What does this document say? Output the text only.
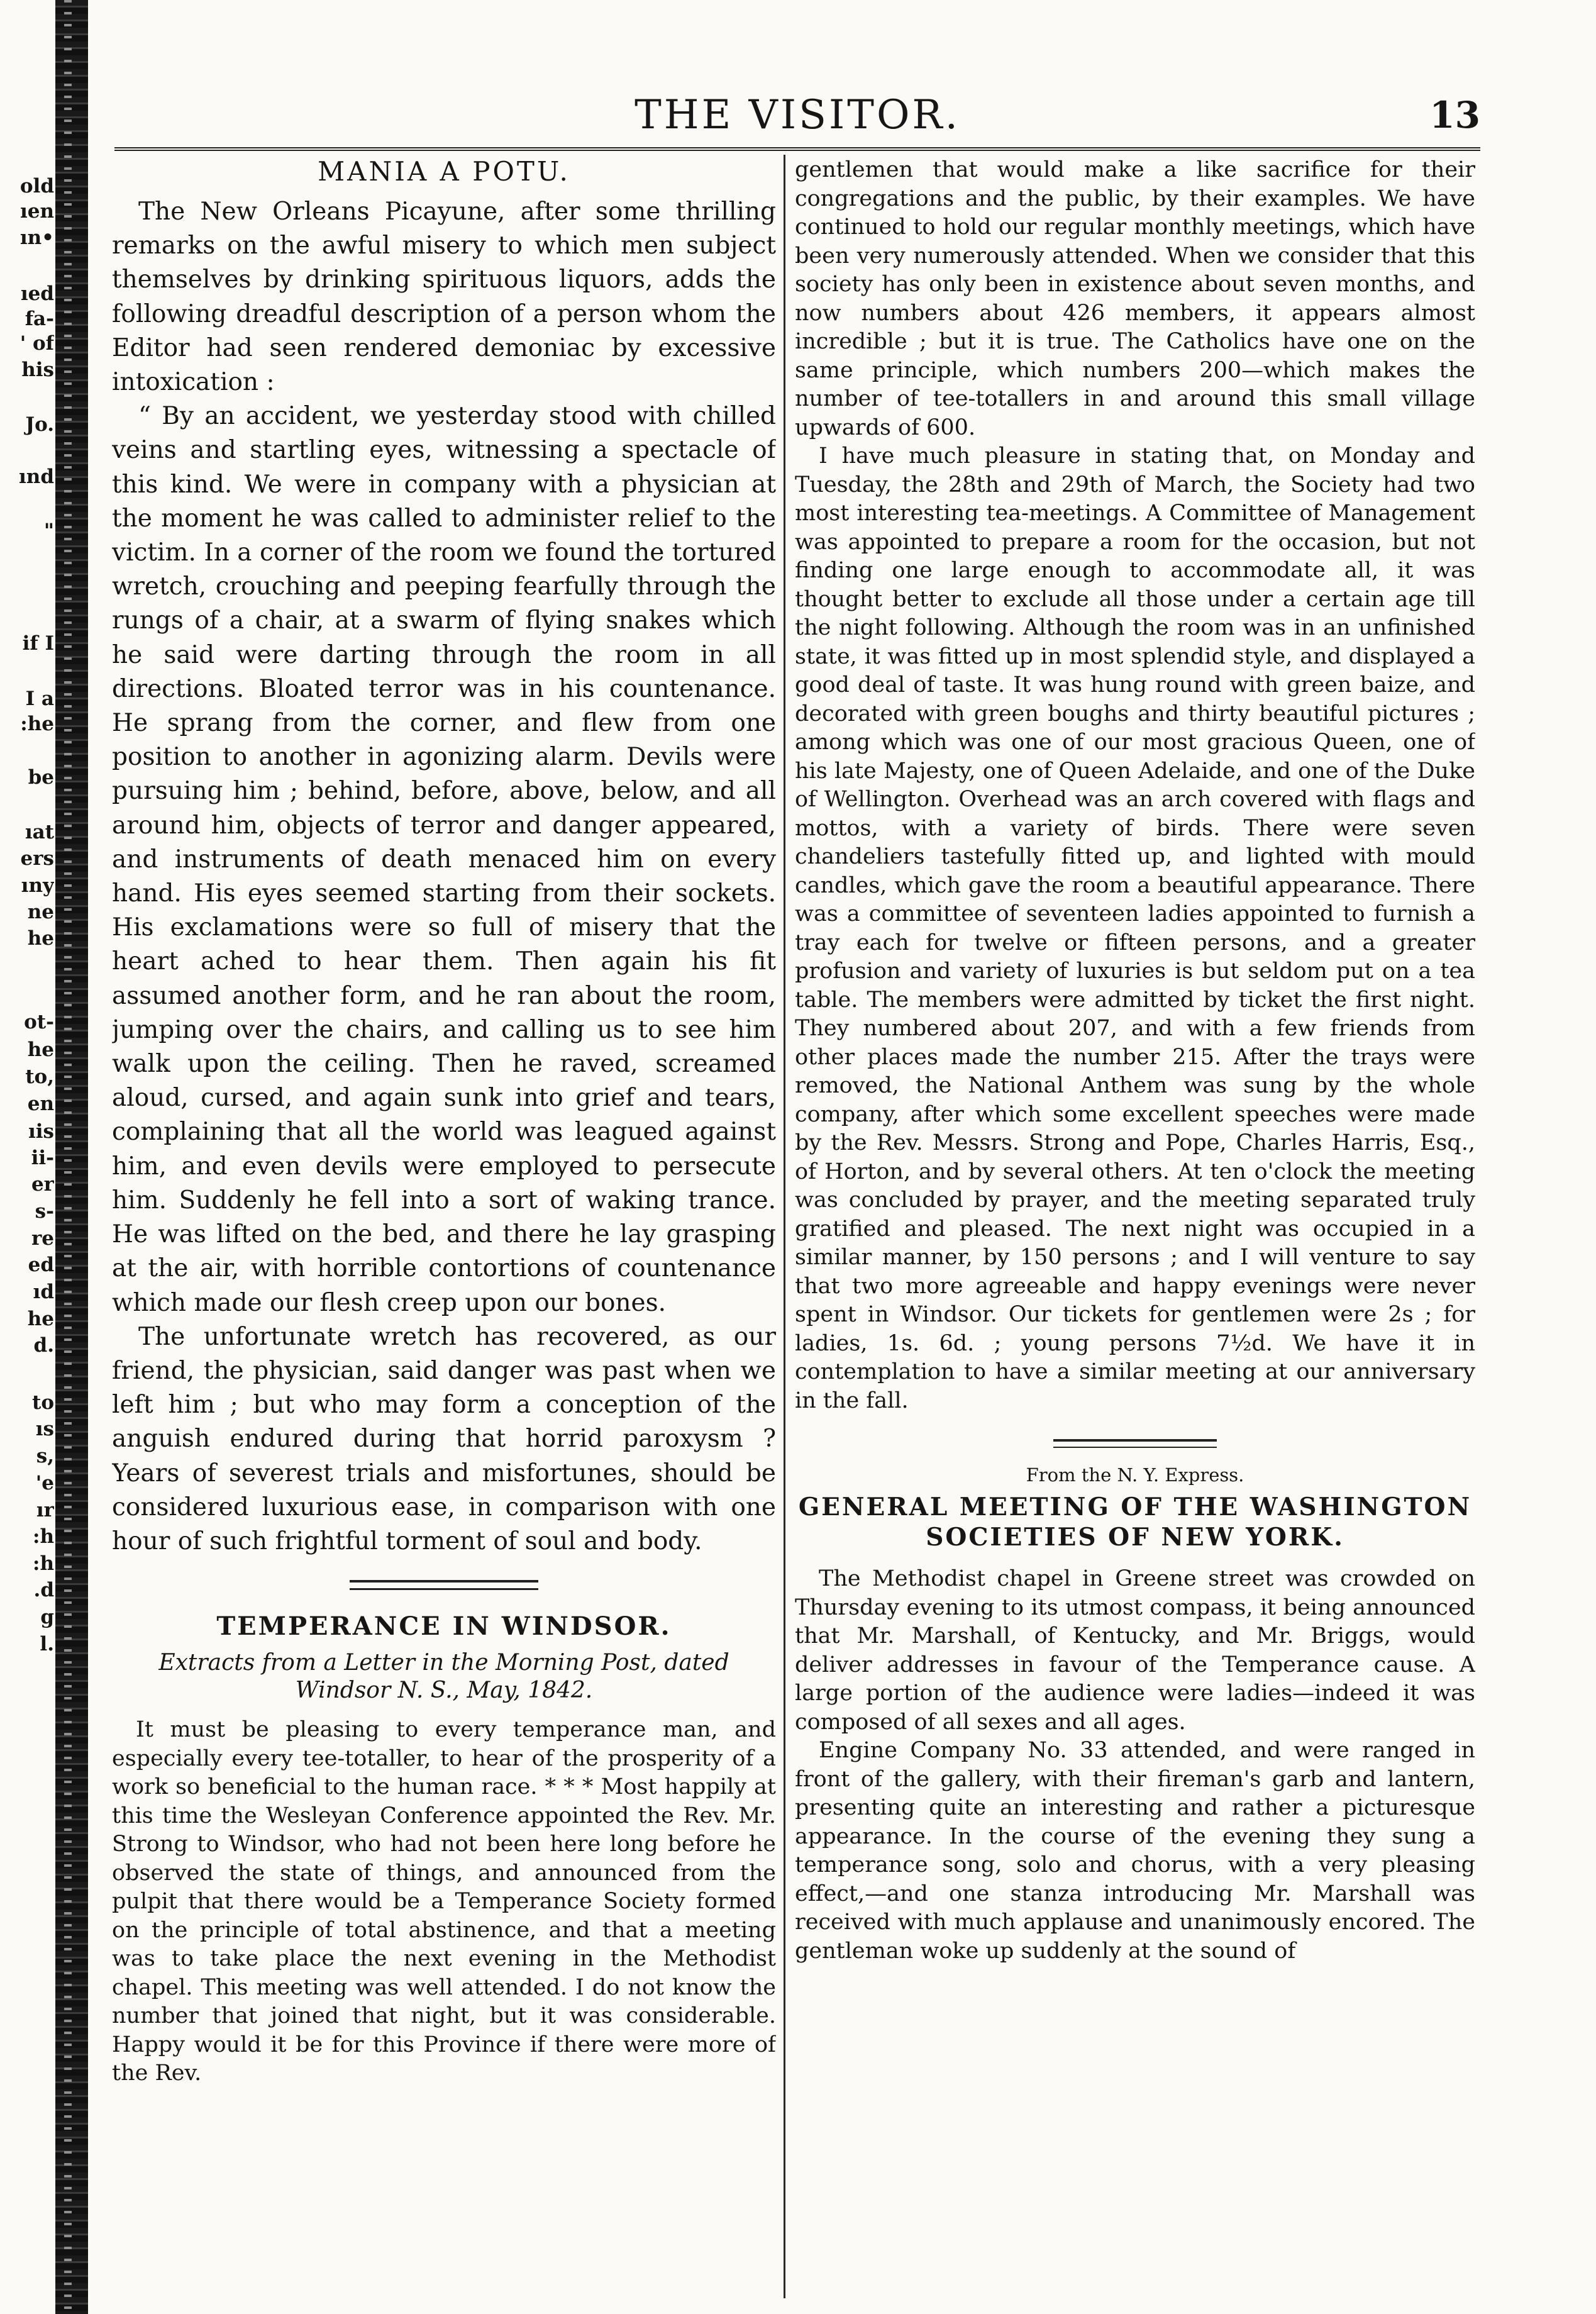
old
ıen
ın•
ıed
fa-
' of
his
Jo.
ınd
"
if I
I a
:he
be
ıat
ers
ıny
ne
he
ot-
he
to,
en
ıis
ii-
er
s-
re
ed
ıd
he
d.
to
ıs
s,
'e
ır
:h
:h
.d
g
l.
THE VISITOR.	13
MANIA A POTU.

The New Orleans Picayune, after some thrilling remarks on the awful misery to which men subject themselves by drinking spirituous liquors, adds the following dreadful description of a person whom the Editor had seen rendered demoniac by excessive intoxication :

“ By an accident, we yesterday stood with chilled veins and startling eyes, witnessing a spectacle of this kind. We were in company with a physician at the moment he was called to administer relief to the victim. In a corner of the room we found the tortured wretch, crouching and peeping fearfully through the rungs of a chair, at a swarm of flying snakes which he said were darting through the room in all directions. Bloated terror was in his countenance. He sprang from the corner, and flew from one position to another in agonizing alarm. Devils were pursuing him ; behind, before, above, below, and all around him, objects of terror and danger appeared, and instruments of death menaced him on every hand. His eyes seemed starting from their sockets. His exclamations were so full of misery that the heart ached to hear them. Then again his fit assumed another form, and he ran about the room, jumping over the chairs, and calling us to see him walk upon the ceiling. Then he raved, screamed aloud, cursed, and again sunk into grief and tears, complaining that all the world was leagued against him, and even devils were employed to persecute him. Suddenly he fell into a sort of waking trance. He was lifted on the bed, and there he lay grasping at the air, with horrible contortions of countenance which made our flesh creep upon our bones.

The unfortunate wretch has recovered, as our friend, the physician, said danger was past when we left him ; but who may form a conception of the anguish endured during that horrid paroxysm ? Years of severest trials and misfortunes, should be considered luxurious ease, in comparison with one hour of such frightful torment of soul and body.

TEMPERANCE IN WINDSOR.

Extracts from a Letter in the Morning Post, dated Windsor N. S., May, 1842.

It must be pleasing to every temperance man, and especially every tee-totaller, to hear of the prosperity of a work so beneficial to the human race. * * * Most happily at this time the Wesleyan Conference appointed the Rev. Mr. Strong to Windsor, who had not been here long before he observed the state of things, and announced from the pulpit that there would be a Temperance Society formed on the principle of total abstinence, and that a meeting was to take place the next evening in the Methodist chapel. This meeting was well attended. I do not know the number that joined that night, but it was considerable. Happy would it be for this Province if there were more of the Rev.

gentlemen that would make a like sacrifice for their congregations and the public, by their examples. We have continued to hold our regular monthly meetings, which have been very numerously attended. When we consider that this society has only been in existence about seven months, and now numbers about 426 members, it appears almost incredible ; but it is true. The Catholics have one on the same principle, which numbers 200—which makes the number of tee-totallers in and around this small village upwards of 600.

I have much pleasure in stating that, on Monday and Tuesday, the 28th and 29th of March, the Society had two most interesting tea-meetings. A Committee of Management was appointed to prepare a room for the occasion, but not finding one large enough to accommodate all, it was thought better to exclude all those under a certain age till the night following. Although the room was in an unfinished state, it was fitted up in most splendid style, and displayed a good deal of taste. It was hung round with green baize, and decorated with green boughs and thirty beautiful pictures ; among which was one of our most gracious Queen, one of his late Majesty, one of Queen Adelaide, and one of the Duke of Wellington. Overhead was an arch covered with flags and mottos, with a variety of birds. There were seven chandeliers tastefully fitted up, and lighted with mould candles, which gave the room a beautiful appearance. There was a committee of seventeen ladies appointed to furnish a tray each for twelve or fifteen persons, and a greater profusion and variety of luxuries is but seldom put on a tea table. The members were admitted by ticket the first night. They numbered about 207, and with a few friends from other places made the number 215. After the trays were removed, the National Anthem was sung by the whole company, after which some excellent speeches were made by the Rev. Messrs. Strong and Pope, Charles Harris, Esq., of Horton, and by several others. At ten o'clock the meeting was concluded by prayer, and the meeting separated truly gratified and pleased. The next night was occupied in a similar manner, by 150 persons ; and I will venture to say that two more agreeable and happy evenings were never spent in Windsor. Our tickets for gentlemen were 2s ; for ladies, 1s. 6d. ; young persons 7½d. We have it in contemplation to have a similar meeting at our anniversary in the fall.

From the N. Y. Express.
GENERAL MEETING OF THE WASHINGTON SOCIETIES OF NEW YORK.

The Methodist chapel in Greene street was crowded on Thursday evening to its utmost compass, it being announced that Mr. Marshall, of Kentucky, and Mr. Briggs, would deliver addresses in favour of the Temperance cause. A large portion of the audience were ladies—indeed it was composed of all sexes and all ages.

Engine Company No. 33 attended, and were ranged in front of the gallery, with their fireman's garb and lantern, presenting quite an interesting and rather a picturesque appearance. In the course of the evening they sung a temperance song, solo and chorus, with a very pleasing effect,—and one stanza introducing Mr. Marshall was received with much applause and unanimously encored. The gentleman woke up suddenly at the sound of
